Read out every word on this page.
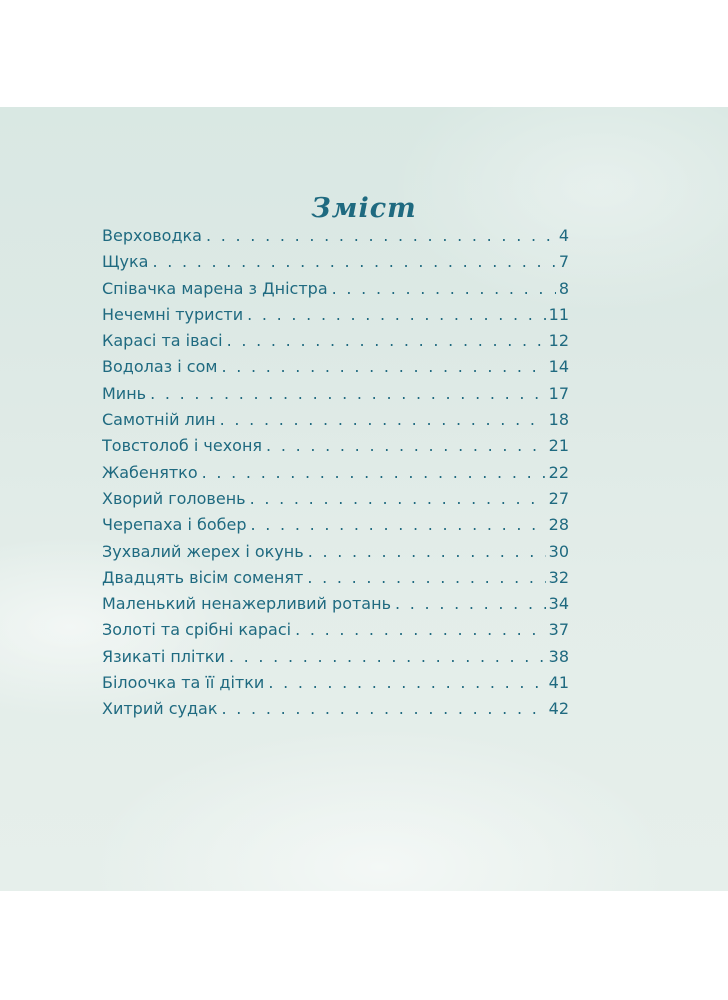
Зміст
Верховодка . . .	4
Щука . . .	7
Співачка марена з Дністра . . .	8
Нечемні туристи . . .	11
Карасі та івасі . . .	12
Водолаз і сом . . .	14
Минь . . .	17
Самотній лин . . .	18
Товстолоб і чехоня . . .	21
Жабенятко . . .	22
Хворий головень . . .	27
Черепаха і бобер . . .	28
Зухвалий жерех і окунь . . .	30
Двадцять вісім соменят . . .	32
Маленький ненажерливий ротань . . .	34
Золоті та срібні карасі . . .	37
Язикаті плітки . . .	38
Білоочка та її дітки . . .	41
Хитрий судак . . .	42
